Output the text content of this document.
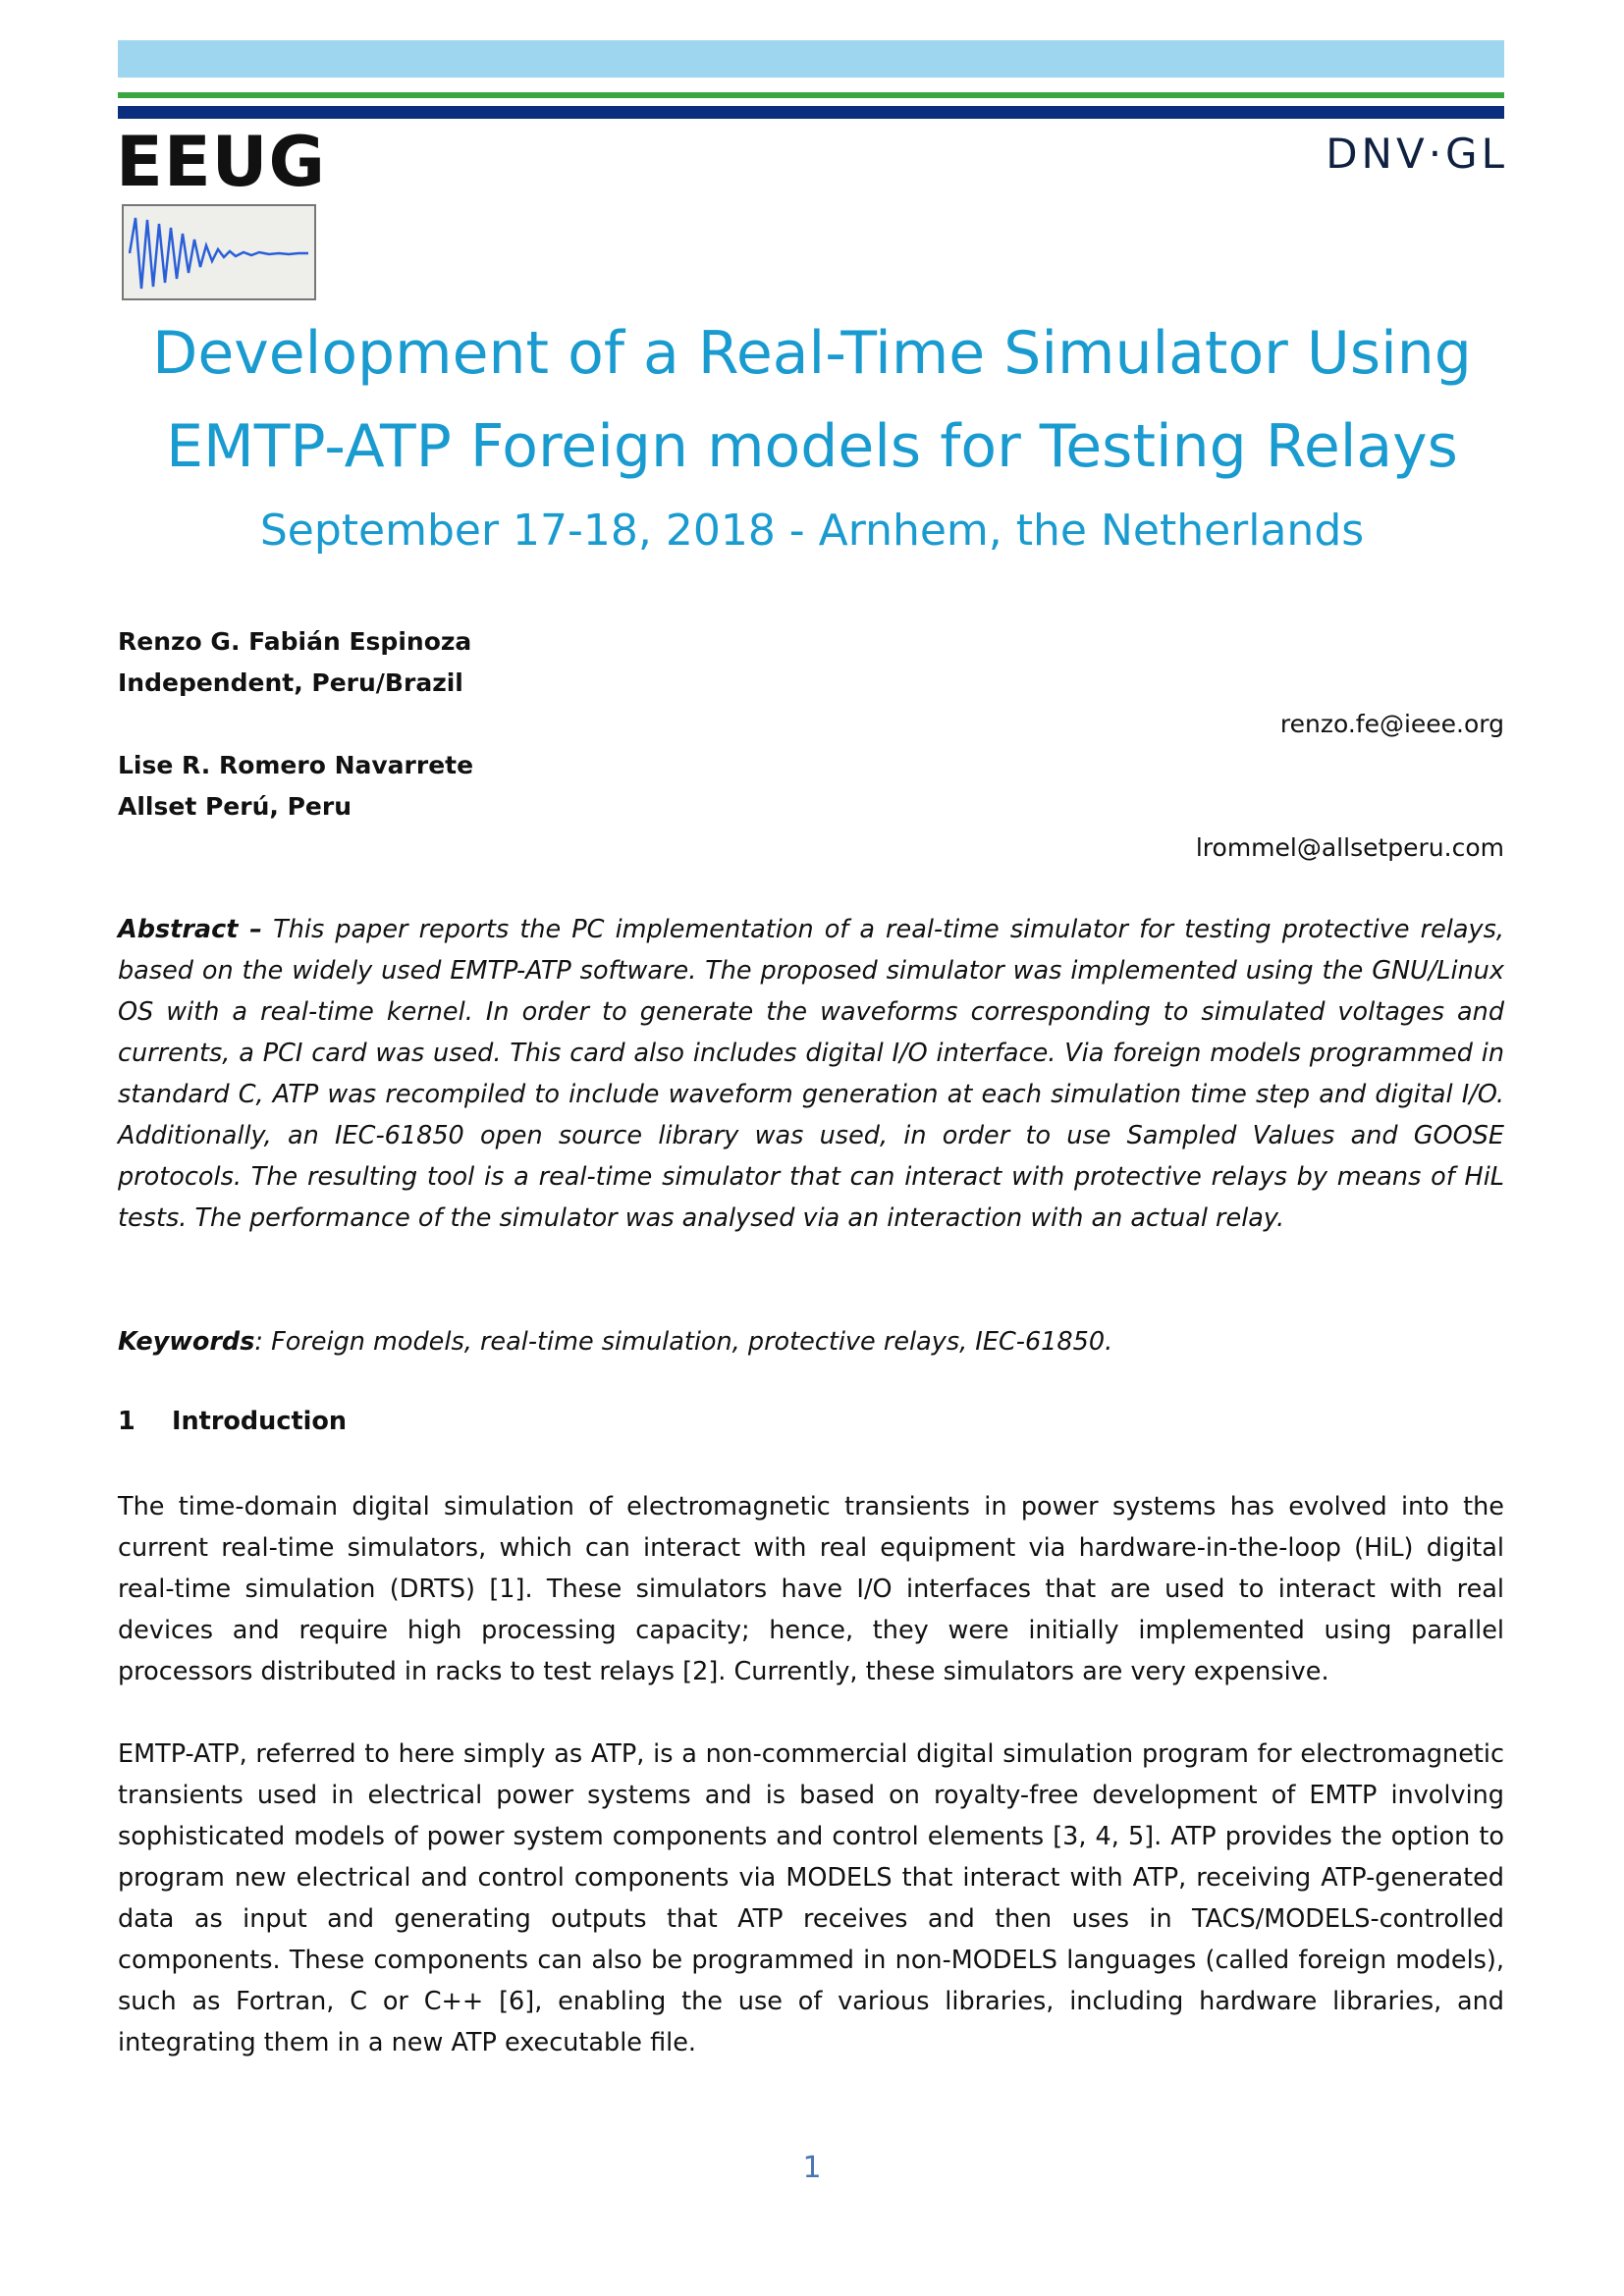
EEUG	DNV·GL
Development of a Real-Time Simulator Using
EMTP-ATP Foreign models for Testing Relays
September 17-18, 2018 - Arnhem, the Netherlands
Renzo G. Fabián Espinoza
Independent, Peru/Brazil
renzo.fe@ieee.org
Lise R. Romero Navarrete
Allset Perú, Peru
lrommel@allsetperu.com
Abstract – This paper reports the PC implementation of a real-time simulator for testing protective relays, based on the widely used EMTP-ATP software. The proposed simulator was implemented using the GNU/Linux OS with a real-time kernel. In order to generate the waveforms corresponding to simulated voltages and currents, a PCI card was used. This card also includes digital I/O interface. Via foreign models programmed in standard C, ATP was recompiled to include waveform generation at each simulation time step and digital I/O. Additionally, an IEC-61850 open source library was used, in order to use Sampled Values and GOOSE protocols. The resulting tool is a real-time simulator that can interact with protective relays by means of HiL tests. The performance of the simulator was analysed via an interaction with an actual relay.
Keywords: Foreign models, real-time simulation, protective relays, IEC-61850.
1 Introduction
The time-domain digital simulation of electromagnetic transients in power systems has evolved into the current real-time simulators, which can interact with real equipment via hardware-in-the-loop (HiL) digital real-time simulation (DRTS) [1]. These simulators have I/O interfaces that are used to interact with real devices and require high processing capacity; hence, they were initially implemented using parallel processors distributed in racks to test relays [2]. Currently, these simulators are very expensive.
EMTP-ATP, referred to here simply as ATP, is a non-commercial digital simulation program for electromagnetic transients used in electrical power systems and is based on royalty-free development of EMTP involving sophisticated models of power system components and control elements [3, 4, 5]. ATP provides the option to program new electrical and control components via MODELS that interact with ATP, receiving ATP-generated data as input and generating outputs that ATP receives and then uses in TACS/MODELS-controlled components. These components can also be programmed in non-MODELS languages (called foreign models), such as Fortran, C or C++ [6], enabling the use of various libraries, including hardware libraries, and integrating them in a new ATP executable file.
1
